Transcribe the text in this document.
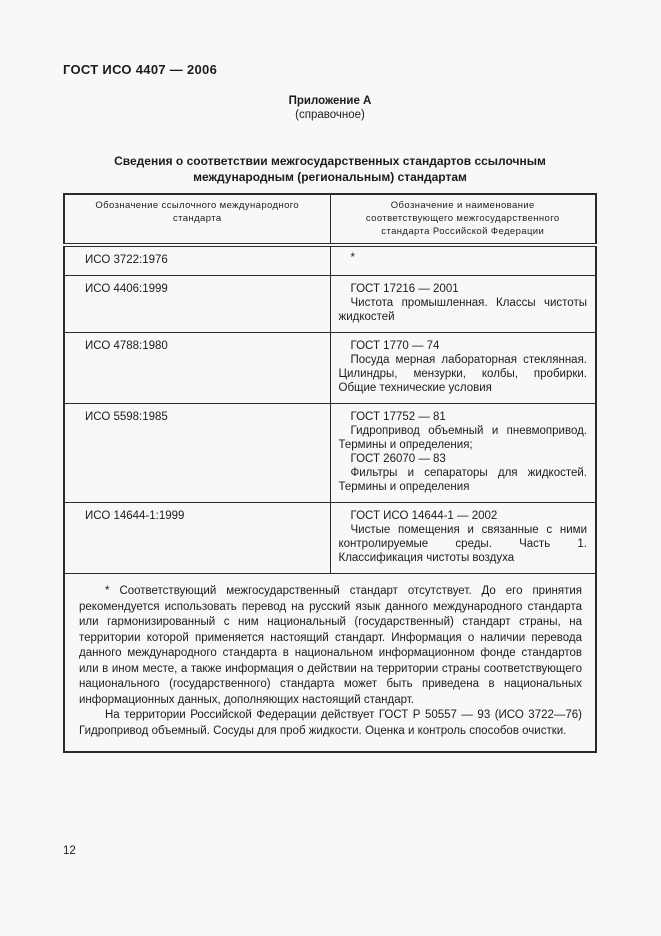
ГОСТ ИСО 4407 — 2006
Приложение А
(справочное)
Сведения о соответствии межгосударственных стандартов ссылочным
международным (региональным) стандартам
Обозначение ссылочного международного стандарта	Обозначение и наименование соответствующего межгосударственного стандарта Российской Федерации
ИСО 3722:1976	*

ИСО 4406:1999	ГОСТ 17216 — 2001
Чистота промышленная. Классы чистоты жидкостей

ИСО 4788:1980	ГОСТ 1770 — 74
Посуда мерная лабораторная стеклянная. Цилиндры, мензурки, колбы, пробирки. Общие технические условия

ИСО 5598:1985	ГОСТ 17752 — 81
Гидропривод объемный и пневмопривод. Термины и определения;
ГОСТ 26070 — 83
Фильтры и сепараторы для жидкостей. Термины и определения

ИСО 14644-1:1999	ГОСТ ИСО 14644-1 — 2002
Чистые помещения и связанные с ними контролируемые среды. Часть 1. Классификация чистоты воздуха

* Соответствующий межгосударственный стандарт отсутствует. До его принятия рекомендуется использовать перевод на русский язык данного международного стандарта или гармонизированный с ним национальный (государственный) стандарт страны, на территории которой применяется настоящий стандарт. Информация о наличии перевода данного международного стандарта в национальном информационном фонде стандартов или в ином месте, а также информация о действии на территории страны соответствующего национального (государственного) стандарта может быть приведена в национальных информационных данных, дополняющих настоящий стандарт.

На территории Российской Федерации действует ГОСТ Р 50557 — 93 (ИСО 3722—76) Гидропривод объемный. Сосуды для проб жидкости. Оценка и контроль способов очистки.	

12
